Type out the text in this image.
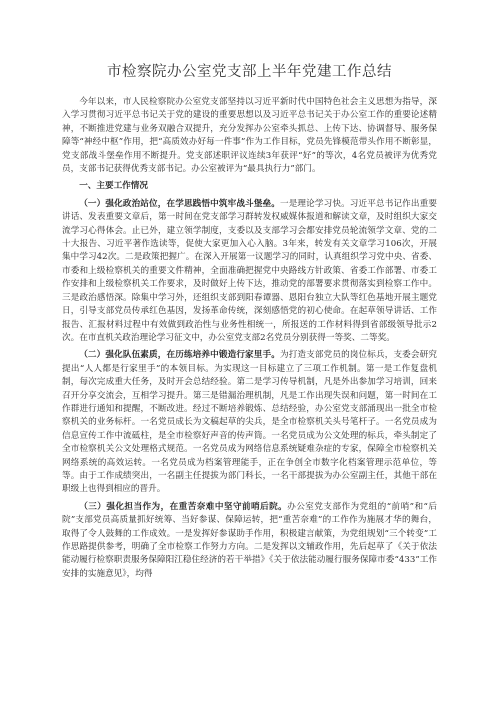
市检察院办公室党支部上半年党建工作总结

今年以来，市人民检察院办公室党支部坚持以习近平新时代中国特色社会主义思想为指导，深入学习贯彻习近平总书记关于党的建设的重要思想以及习近平总书记关于办公室工作的重要论述精神，不断推进党建与业务双融合双提升，充分发挥办公室牵头抓总、上传下达、协调督导、服务保障等“神经中枢”作用，把“高质效办好每一件事”作为工作目标，党员先锋模范带头作用不断彰显，党支部战斗堡垒作用不断提升。党支部述职评议连续3年获评“好”的等次，4名党员被评为优秀党员，支部书记获得优秀支部书记。办公室被评为“最具执行力”部门。

一、主要工作情况

（一）强化政治站位，在学思践悟中筑牢战斗堡垒。一是理论学习快。习近平总书记作出重要讲话、发表重要文章后，第一时间在党支部学习群转发权威媒体报道和解读文章，及时组织大家交流学习心得体会。止已外，建立领学制度，支委以及支部学习会都安排党员轮流领学文章、党的二十大报告、习近平著作选读等，促使大家更加入心入脑。3年来，转发有关文章学习106次，开展集中学习42次。二是政策把握广。在深入开展第一议题学习的同时，认真组织学习党中央、省委、市委和上级检察机关的重要文件精神，全面准确把握党中央路线方针政策、省委工作部署、市委工作安排和上级检察机关工作要求，及时做好上传下达，推动党的部署要求贯彻落实到检察工作中。三是政治感悟深。除集中学习外，还组织支部到阳春谭器、恩阳台独立大队等红色基地开展主题党日，引导支部党员传承红色基因，发扬革命传统，深刻感悟党的初心使命。在起草领导讲话、工作报告、汇报材料过程中有效做到政治性与业务性相统一，所报送的工作材料得到省部级领导批示2次。在市直机关政治理论学习征文中，办公室党支部2名党员分别获得一等奖、二等奖。

（二）强化队伍素质，在历练培养中锻造行家里手。为打造支部党员的岗位标兵，支委会研究提出“人人都是行家里手”的本领目标。为实现这一目标建立了三项工作机制。第一是工作复盘机制，每次完成重大任务，及时开会总结经验。第二是学习传导机制，凡是外出参加学习培训，回来召开分享交流会，互相学习提升。第三是错漏治理机制，凡是工作出现失误和问题，第一时间在工作群进行通知和提醒，不断改进。经过不断培养锻炼、总结经验，办公室党支部涌现出一批全市检察机关的业务标杆。一名党员成长为文稿起草的尖兵，是全市检察机关头号笔杆子。一名党员成为信息宣传工作中流砥柱，是全市检察好声音的传声筒。一名党员成为公文处理的标兵，牵头制定了全市检察机关公文处理格式规范。一名党员成为网络信息系统疑难杂症的专家，保障全市检察机关网络系统的高效运转。一名党员成为档案管理能手，正在争创全市数字化档案管理示范单位，等等。由于工作成绩突出，一名副主任提拔为部门科长，一名干部提拔为办公室副主任，其他干部在职级上也得到相应的晋升。

（三）强化担当作为，在重苦奈难中坚守前哨后院。办公室党支部作为党组的“前哨”和“后院”支部党员高质量抓好统筹、当好参谋、保障运转，把“重苦奈难”的工作作为施展才华的舞台，取得了令人鼓舞的工作成效。一是发挥好参谋助手作用，积极建言献策，为党组规划“三个转变”工作思路提供参考，明确了全市检察工作努力方向。二是发挥以文辅政作用，先后起草了《关于依法能动履行检察职责服务保障阳江稳住经济的若干举措》《关于依法能动履行服务保障市委“433”工作安排的实施意见》，均得
